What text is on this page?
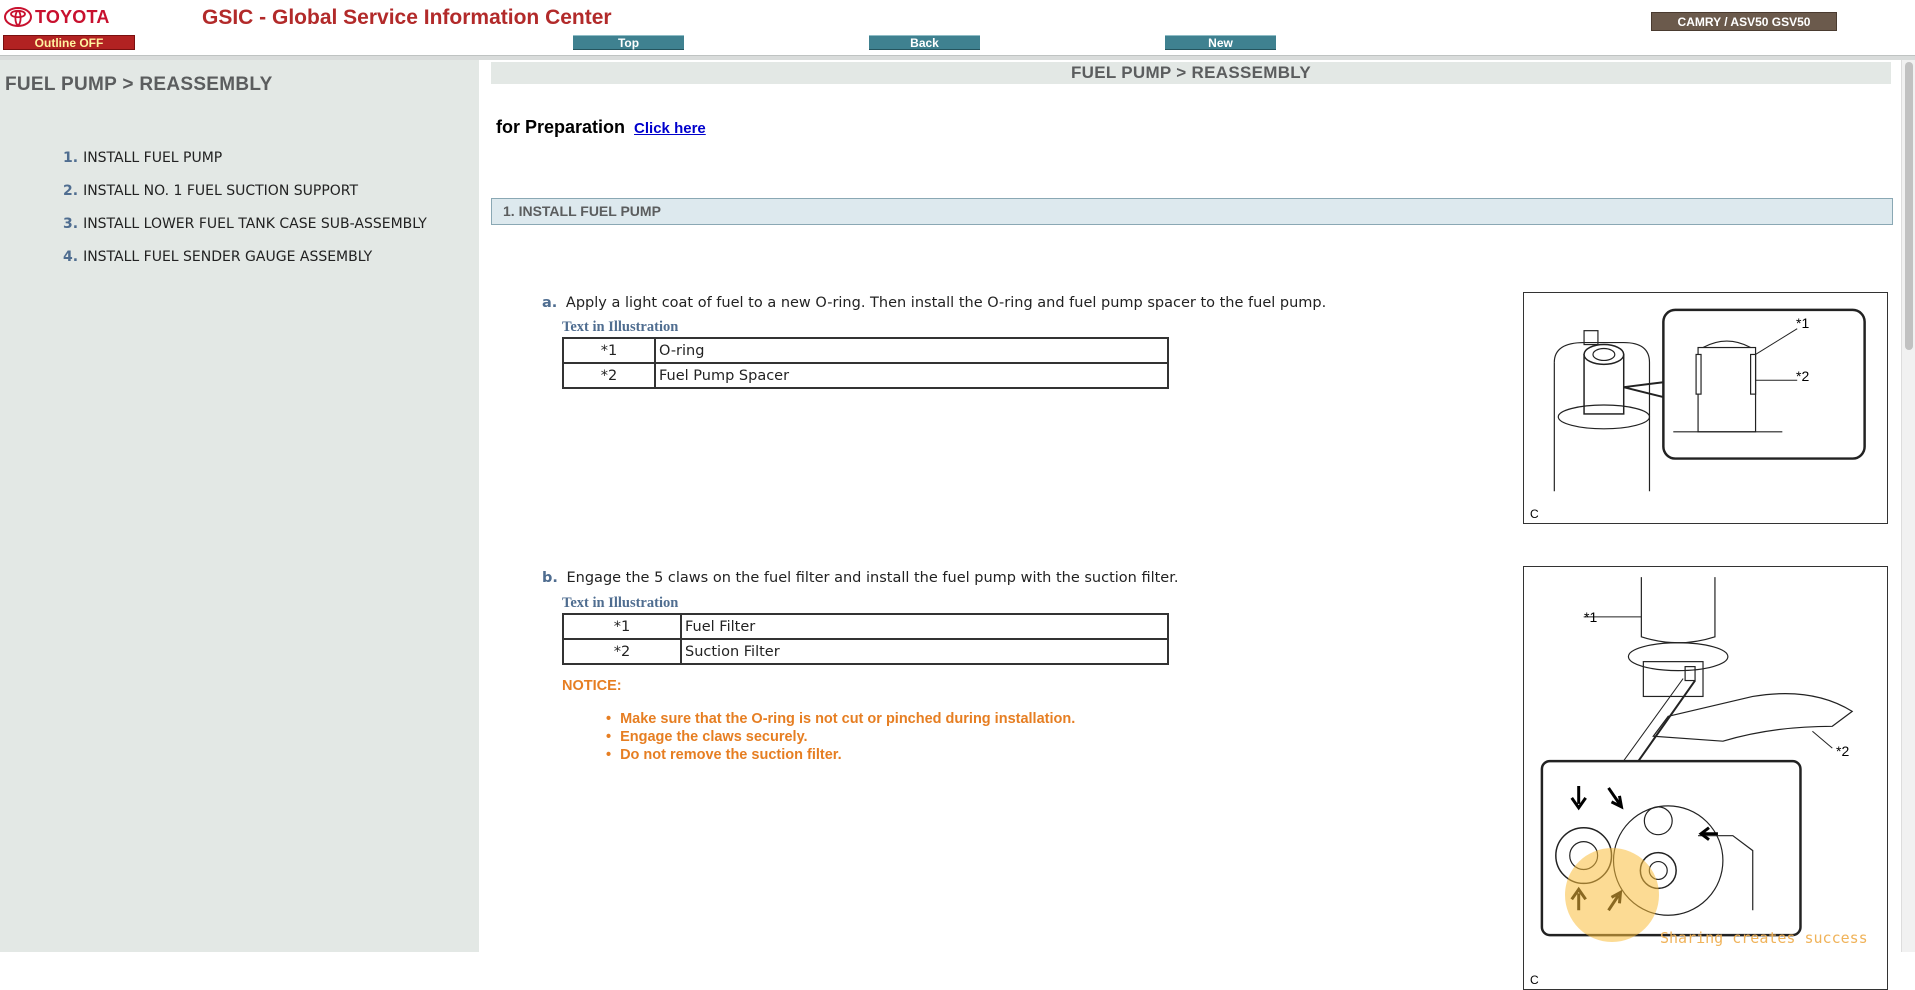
TOYOTA	GSIC - Global Service Information Center
Outline OFF	Top	Back	New
CAMRY / ASV50 GSV50
FUEL PUMP > REASSEMBLY
1. INSTALL FUEL PUMP
2. INSTALL NO. 1 FUEL SUCTION SUPPORT
3. INSTALL LOWER FUEL TANK CASE SUB-ASSEMBLY
4. INSTALL FUEL SENDER GAUGE ASSEMBLY
FUEL PUMP > REASSEMBLY
for Preparation Click here
1. INSTALL FUEL PUMP
a. Apply a light coat of fuel to a new O-ring. Then install the O-ring and fuel pump spacer to the fuel pump.
Text in Illustration
*1	O-ring
*2	Fuel Pump Spacer
*1
*2
C
b. Engage the 5 claws on the fuel filter and install the fuel pump with the suction filter.
Text in Illustration
*1	Fuel Filter
*2	Suction Filter
NOTICE:
• Make sure that the O-ring is not cut or pinched during installation.
• Engage the claws securely.
• Do not remove the suction filter.
*1
*2
C
Sharing creates success
